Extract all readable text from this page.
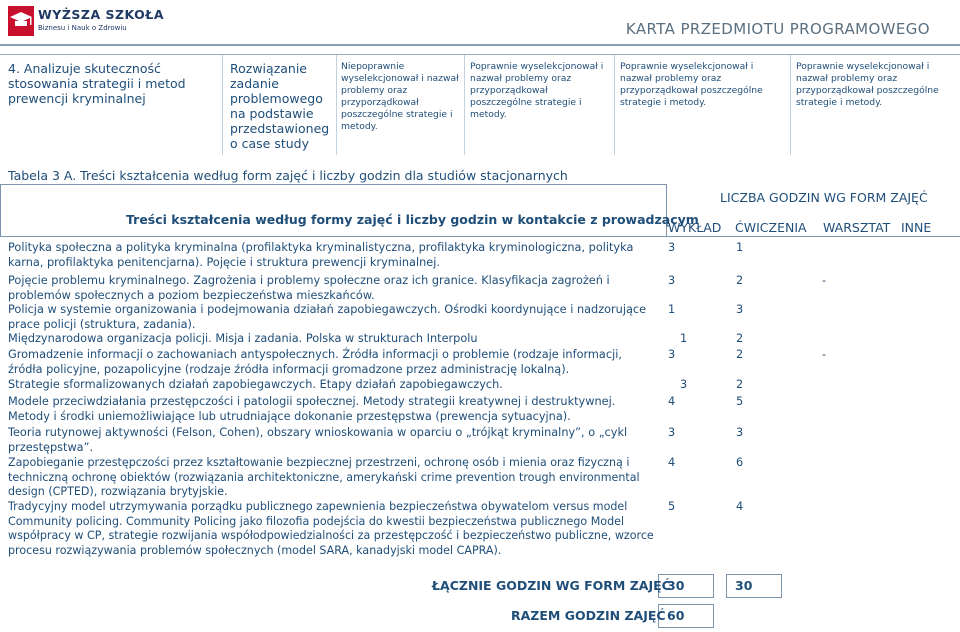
WYŻSZA SZKOŁA
Biznesu i Nauk o Zdrowiu	KARTA PRZEDMIOTU PROGRAMOWEGO
4. Analizuje skuteczność stosowania strategii i metod prewencji kryminalnej
Rozwiązanie zadanie problemowego na podstawie przedstawioneg o case study
Niepoprawnie wyselekcjonował i nazwał problemy oraz przyporządkował poszczególne strategie i metody.
Poprawnie wyselekcjonował i nazwał problemy oraz przyporządkował poszczególne strategie i metody.
Poprawnie wyselekcjonował i nazwał problemy oraz przyporządkował poszczególne strategie i metody.
Poprawnie wyselekcjonował i nazwał problemy oraz przyporządkował poszczególne strategie i metody.
Tabela 3 A. Treści kształcenia według form zajęć i liczby godzin dla studiów stacjonarnych
Treści kształcenia według formy zajęć i liczby godzin w kontakcie z prowadzącym
LICZBA GODZIN WG FORM ZAJĘĆ
WYKŁAD ĆWICZENIA WARSZTAT INNE
Polityka społeczna a polityka kryminalna (profilaktyka kryminalistyczna, profilaktyka kryminologiczna, polityka karna, profilaktyka penitencjarna). Pojęcie i struktura prewencji kryminalnej.
3	1
Pojęcie problemu kryminalnego. Zagrożenia i problemy społeczne oraz ich granice. Klasyfikacja zagrożeń i problemów społecznych a poziom bezpieczeństwa mieszkańców.
3	2	-
Policja w systemie organizowania i podejmowania działań zapobiegawczych. Ośrodki koordynujące i nadzorujące prace policji (struktura, zadania).
1	3
Międzynarodowa organizacja policji. Misja i zadania. Polska w strukturach Interpolu	1	2
Gromadzenie informacji o zachowaniach antyspołecznych. Źródła informacji o problemie (rodzaje informacji, źródła policyjne, pozapolicyjne (rodzaje źródła informacji gromadzone przez administrację lokalną).
3	2	-
Strategie sformalizowanych działań zapobiegawczych. Etapy działań zapobiegawczych.	3	2
Modele przeciwdziałania przestępczości i patologii społecznej. Metody strategii kreatywnej i destruktywnej. Metody i środki uniemożliwiające lub utrudniające dokonanie przestępstwa (prewencja sytuacyjna).
4	5
Teoria rutynowej aktywności (Felson, Cohen), obszary wnioskowania w oparciu o „trójkąt kryminalny”, o „cykl przestępstwa”.
3	3
Zapobieganie przestępczości przez kształtowanie bezpiecznej przestrzeni, ochronę osób i mienia oraz fizyczną i techniczną ochronę obiektów (rozwiązania architektoniczne, amerykański crime prevention trough environmental design (CPTED), rozwiązania brytyjskie.
4	6
Tradycyjny model utrzymywania porządku publicznego zapewnienia bezpieczeństwa obywatelom versus model Community policing. Community Policing jako filozofia podejścia do kwestii bezpieczeństwa publicznego Model współpracy w CP, strategie rozwijania współodpowiedzialności za przestępczość i bezpieczeństwo publiczne, wzorce procesu rozwiązywania problemów społecznych (model SARA, kanadyjski model CAPRA).
5	4
ŁĄCZNIE GODZIN WG FORM ZAJĘĆ
30	30
RAZEM GODZIN ZAJĘĆ 60
